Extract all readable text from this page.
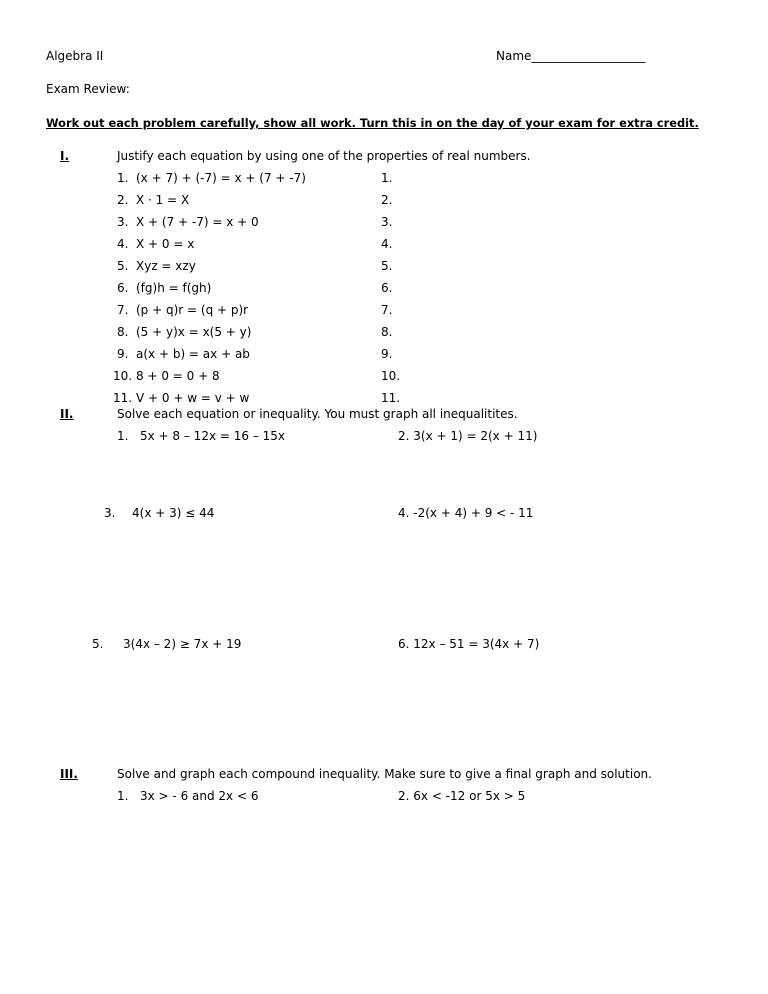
Algebra II	Name___________________
Exam Review:
Work out each problem carefully, show all work. Turn this in on the day of your exam for extra credit.
I.	Justify each equation by using one of the properties of real numbers.
1. (x + 7) + (-7) = x + (7 + -7)	1.
2. X · 1 = X	2.
3. X + (7 + -7) = x + 0	3.
4. X + 0 = x	4.
5. Xyz = xzy	5.
6. (fg)h = f(gh)	6.
7. (p + q)r = (q + p)r	7.
8. (5 + y)x = x(5 + y)	8.
9. a(x + b) = ax + ab	9.
10. 8 + 0 = 0 + 8	10.
11. V + 0 + w = v + w	11.
II.	Solve each equation or inequality. You must graph all inequalitites.
1. 5x + 8 – 12x = 16 – 15x	2. 3(x + 1) = 2(x + 11)
3. 4(x + 3) ≤ 44	4. -2(x + 4) + 9 < - 11
5. 3(4x – 2) ≥ 7x + 19	6. 12x – 51 = 3(4x + 7)
III.	Solve and graph each compound inequality. Make sure to give a final graph and solution.
1. 3x > - 6 and 2x < 6	2. 6x < -12 or 5x > 5
